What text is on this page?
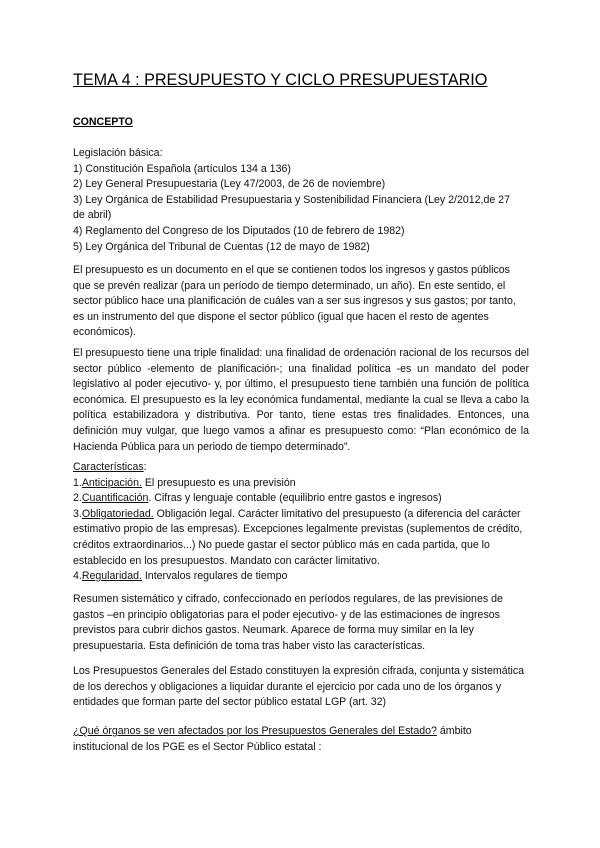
TEMA 4 : PRESUPUESTO Y CICLO PRESUPUESTARIO
CONCEPTO

Legislación básica:

1) Constitución Española (artículos 134 a 136)

2) Ley General Presupuestaria (Ley 47/2003, de 26 de noviembre)

3) Ley Orgánica de Estabilidad Presupuestaria y Sostenibilidad Financiera (Ley 2/2012,de 27 de abril)

4) Reglamento del Congreso de los Diputados (10 de febrero de 1982)

5) Ley Orgánica del Tribunal de Cuentas (12 de mayo de 1982)

El presupuesto es un documento en el que se contienen todos los ingresos y gastos públicos que se prevén realizar (para un período de tiempo determinado, un año). En este sentido, el sector público hace una planificación de cuáles van a ser sus ingresos y sus gastos; por tanto, es un instrumento del que dispone el sector público (igual que hacen el resto de agentes económicos).

El presupuesto tiene una triple finalidad: una finalidad de ordenación racional de los recursos del sector público -elemento de planificación-; una finalidad política -es un mandato del poder legislativo al poder ejecutivo- y, por último, el presupuesto tiene también una función de política económica. El presupuesto es la ley económica fundamental, mediante la cual se lleva a cabo la política estabilizadora y distributiva. Por tanto, tiene estas tres finalidades. Entonces, una definición muy vulgar, que luego vamos a afinar es presupuesto como: “Plan económico de la Hacienda Pública para un periodo de tiempo determinado”.

Características:

1.Anticipación. El presupuesto es una previsión

2.Cuantificación. Cifras y lenguaje contable (equilibrio entre gastos e ingresos)

3.Obligatoriedad. Obligación legal. Carácter limitativo del presupuesto (a diferencia del carácter estimativo propio de las empresas). Excepciones legalmente previstas (suplementos de crédito, créditos extraordinarios...) No puede gastar el sector público más en cada partida, que lo establecido en los presupuestos. Mandato con carácter limitativo.

4.Regularidad. Intervalos regulares de tiempo

Resumen sistemático y cifrado, confeccionado en períodos regulares, de las previsiones de gastos –en principio obligatorias para el poder ejecutivo- y de las estimaciones de ingresos previstos para cubrir dichos gastos. Neumark. Aparece de forma muy similar en la ley presupuestaria. Esta definición de toma tras haber visto las características.

Los Presupuestos Generales del Estado constituyen la expresión cifrada, conjunta y sistemática de los derechos y obligaciones a liquidar durante el ejercicio por cada uno de los órganos y entidades que forman parte del sector público estatal LGP (art. 32)

¿Qué órganos se ven afectados por los Presupuestos Generales del Estado? ámbito institucional de los PGE es el Sector Público estatal :
